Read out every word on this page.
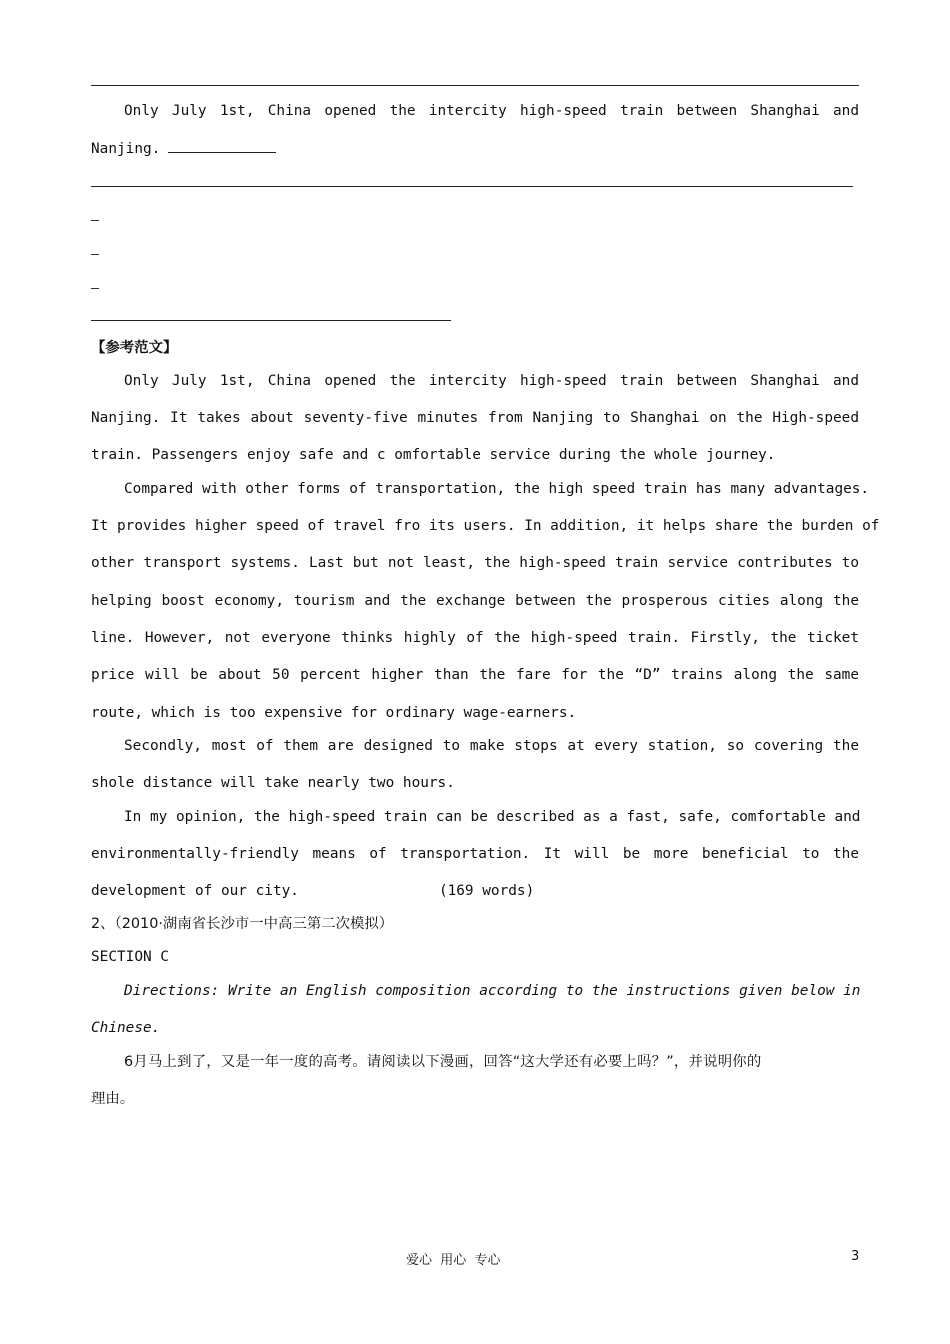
Only July 1st, China opened the intercity high-speed train between Shanghai and
Nanjing.
【参考范文】
Only July 1st, China opened the intercity high-speed train between Shanghai and
Nanjing. It takes about seventy-five minutes from Nanjing to Shanghai on the High-speed
train. Passengers enjoy safe and c omfortable service during the whole journey.
Compared with other forms of transportation, the high speed train has many advantages.
It provides higher speed of travel fro its users. In addition, it helps share the burden of
other transport systems. Last but not least, the high-speed train service contributes to
helping boost economy, tourism and the exchange between the prosperous cities along the
line. However, not everyone thinks highly of the high-speed train. Firstly, the ticket
price will be about 50 percent higher than the fare for the “D” trains along the same
route, which is too expensive for ordinary wage-earners.
Secondly, most of them are designed to make stops at every station, so covering the
shole distance will take nearly two hours.
In my opinion, the high-speed train can be described as a fast, safe, comfortable and
environmentally-friendly means of transportation. It will be more beneficial to the
development of our city.	(169 words)
2、（2010·湖南省长沙市一中高三第二次模拟）
SECTION C
Directions: Write an English composition according to the instructions given below in
Chinese.
6月马上到了，又是一年一度的高考。请阅读以下漫画，回答“这大学还有必要上吗？”，并说明你的
理由。
爱心  用心  专心	3
